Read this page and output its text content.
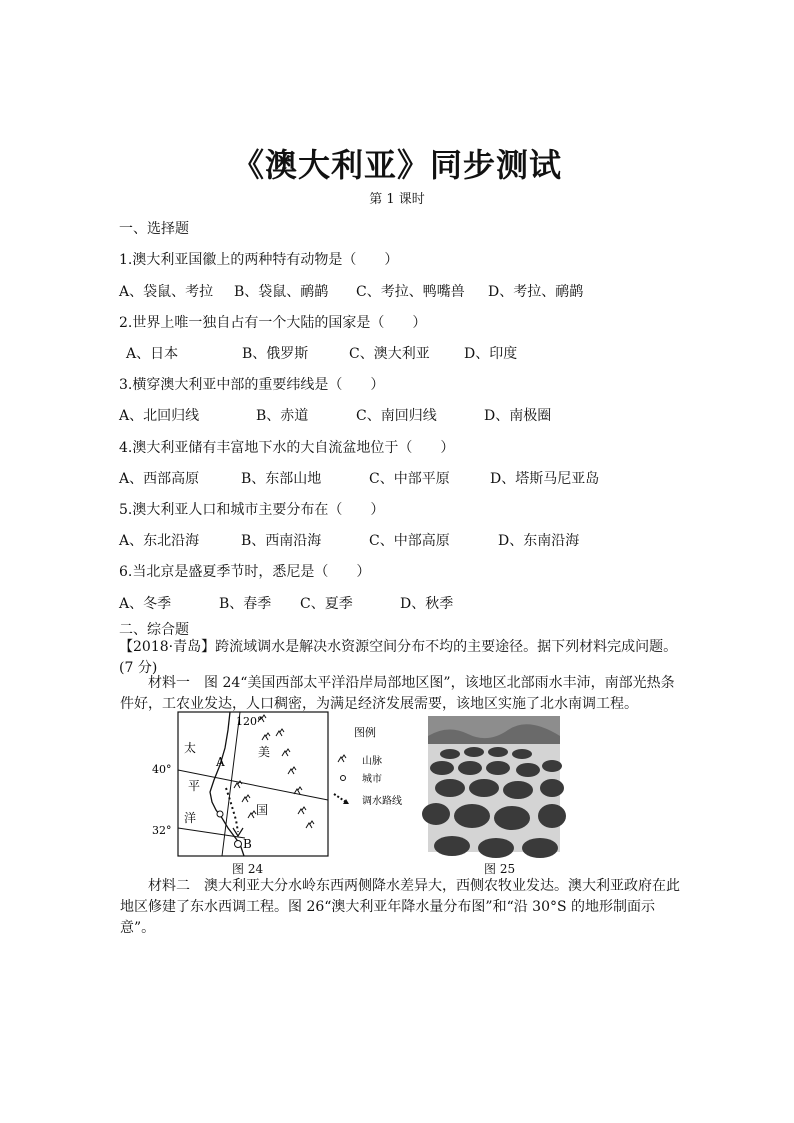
《澳大利亚》同步测试
第 1 课时
一、选择题
1.澳大利亚国徽上的两种特有动物是（　　）
A、袋鼠、考拉 B、袋鼠、鸸鹋 C、考拉、鸭嘴兽 D、考拉、鸸鹋
2.世界上唯一独自占有一个大陆的国家是（　　）
A、日本	B、俄罗斯	C、澳大利亚 D、印度
3.横穿澳大利亚中部的重要纬线是（　　）
A、北回归线	B、赤道	C、南回归线	D、南极圈
4.澳大利亚储有丰富地下水的大自流盆地位于（　　）
A、西部高原	B、东部山地	C、中部平原	D、塔斯马尼亚岛
5.澳大利亚人口和城市主要分布在（　　）
A、东北沿海	B、西南沿海	C、中部高原	D、东南沿海
6.当北京是盛夏季节时，悉尼是（　　）
A、冬季	B、春季 C、夏季	D、秋季
二、综合题
【2018·青岛】跨流域调水是解决水资源空间分布不均的主要途径。据下列材料完成问题。
(7 分)
材料一　图 24“美国西部太平洋沿岸局部地区图”，该地区北部雨水丰沛，南部光热条
件好，工农业发达，人口稠密，为满足经济发展需要，该地区实施了北水南调工程。
120°
40°
32°
太
平
洋
美
国
A
B
图例
山脉
城市
调水路线
图 24	图 25
材料二　澳大利亚大分水岭东西两侧降水差异大，西侧农牧业发达。澳大利亚政府在此
地区修建了东水西调工程。图 26“澳大利亚年降水量分布图”和“沿 30°S 的地形制面示
意”。
